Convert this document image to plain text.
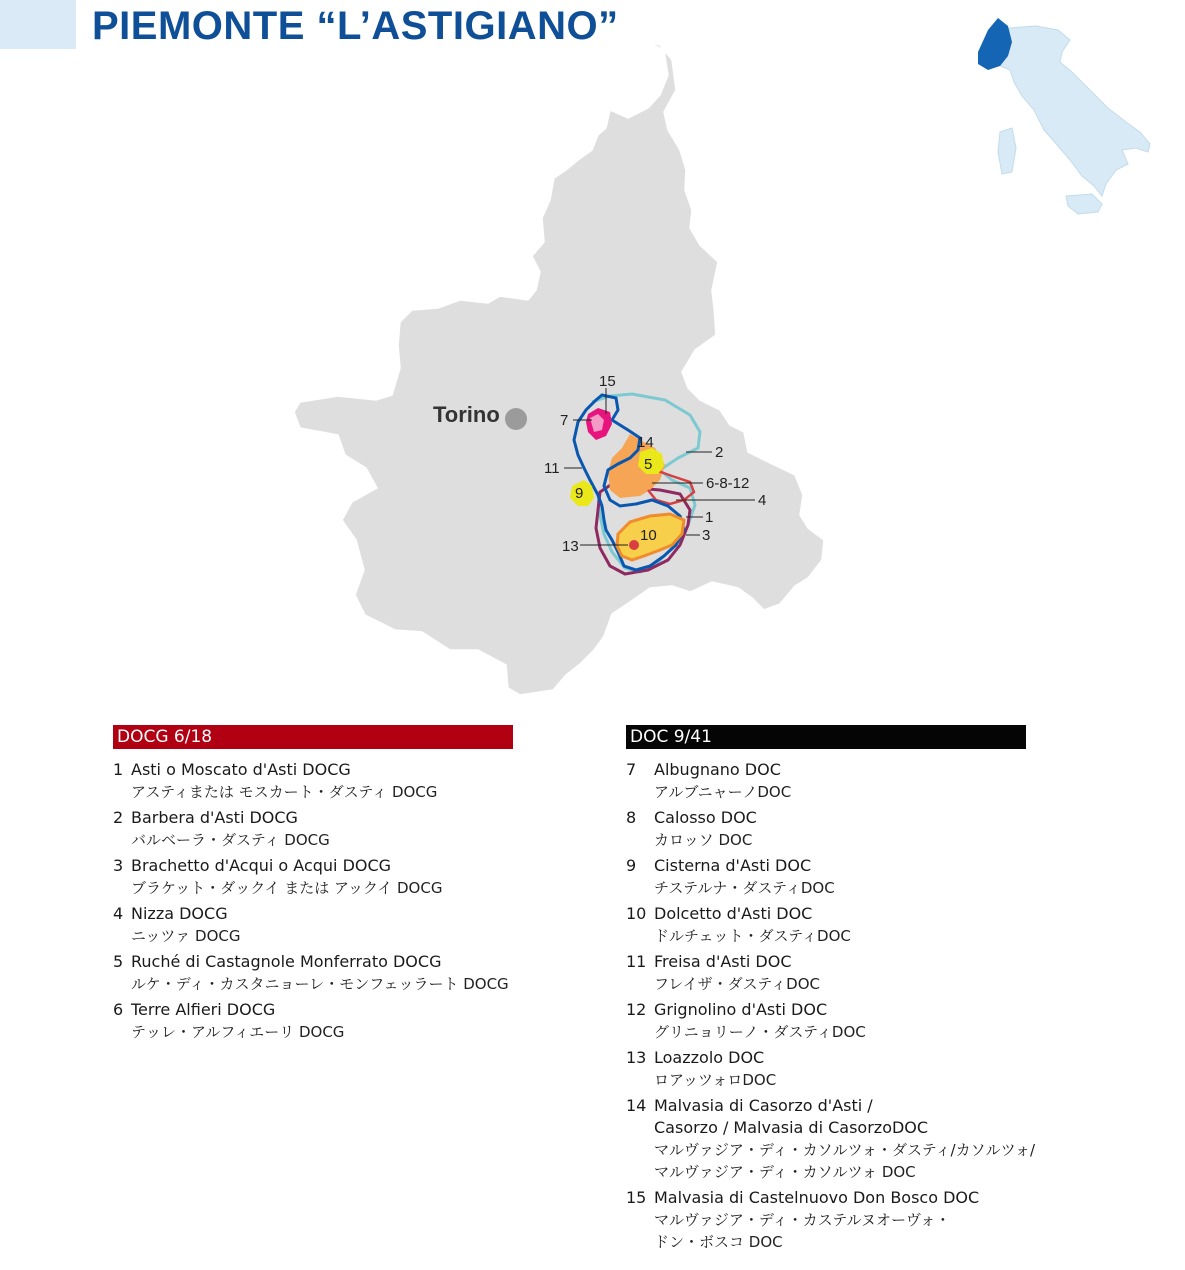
PIEMONTE “L’ASTIGIANO”
Torino
15
7
14
5
2
11
9
6-8-12
4
1
3
13
10
DOCG 6/18
1 Asti o Moscato d'Asti DOCG
アスティまたは モスカート・ダスティ DOCG
2 Barbera d'Asti DOCG
バルベーラ・ダスティ DOCG
3 Brachetto d'Acqui o Acqui DOCG
ブラケット・ダックイ または アックイ DOCG
4 Nizza DOCG
ニッツァ DOCG
5 Ruché di Castagnole Monferrato DOCG
ルケ・ディ・カスタニョーレ・モンフェッラート DOCG
6 Terre Alfieri DOCG
テッレ・アルフィエーリ DOCG
DOC 9/41
7 Albugnano DOC
アルブニャーノDOC
8 Calosso DOC
カロッソ DOC
9 Cisterna d'Asti DOC
チステルナ・ダスティDOC
10 Dolcetto d'Asti DOC
ドルチェット・ダスティDOC
11 Freisa d'Asti DOC
フレイザ・ダスティDOC
12 Grignolino d'Asti DOC
グリニョリーノ・ダスティDOC
13 Loazzolo DOC
ロアッツォロDOC
14 Malvasia di Casorzo d'Asti /
Casorzo / Malvasia di CasorzoDOC
マルヴァジア・ディ・カソルツォ・ダスティ/カソルツォ/
マルヴァジア・ディ・カソルツォ DOC
15 Malvasia di Castelnuovo Don Bosco DOC
マルヴァジア・ディ・カステルヌオーヴォ・
ドン・ボスコ DOC
